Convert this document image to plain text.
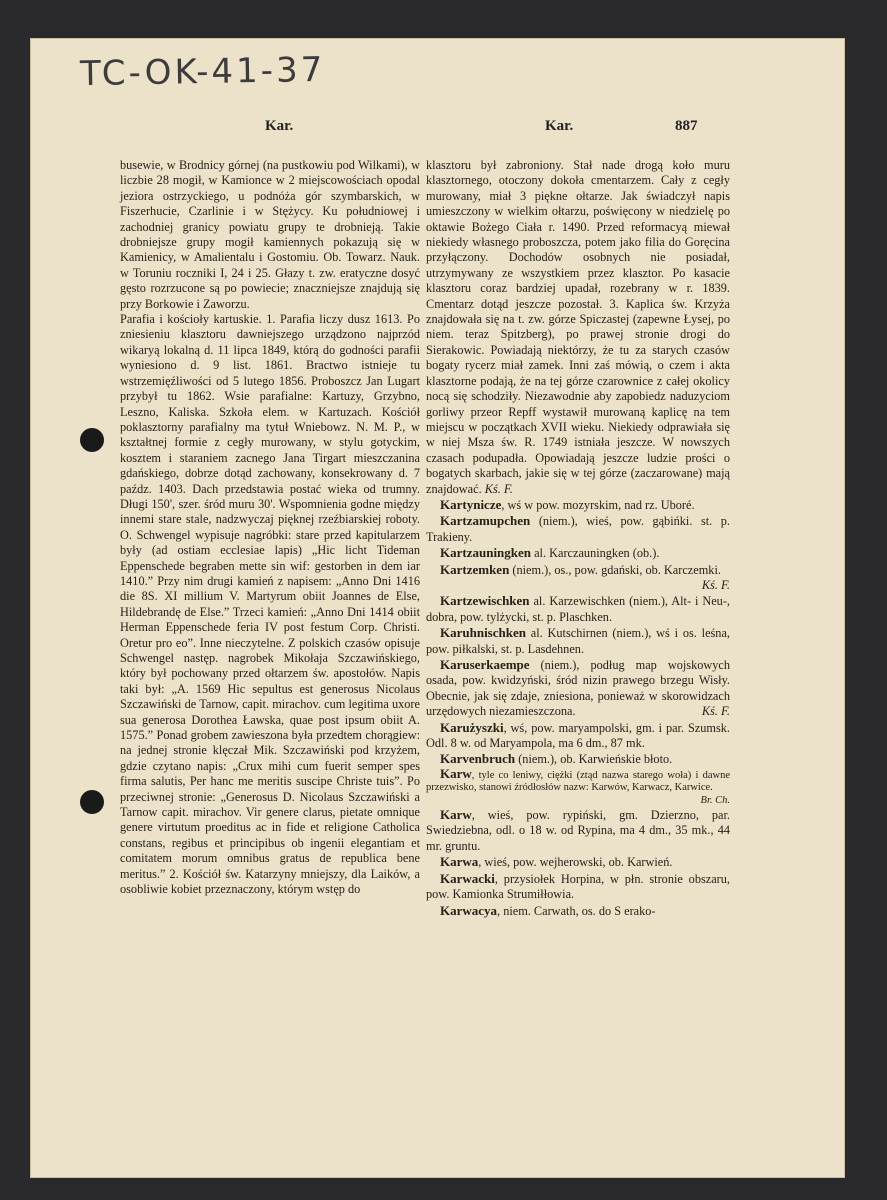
TC-OK-41-37
Kar.	Kar.	887

busewie, w Brodnicy górnej (na pustkowiu pod Wilkami), w liczbie 28 mogił, w Kamionce w 2 miejscowościach opodal jeziora ostrzyckiego, u podnóża gór szymbarskich, w Fiszerhucie, Czarlinie i w Stężycy. Ku południowej i zachodniej granicy powiatu grupy te drobnieją. Takie drobniejsze grupy mogił kamiennych pokazują się w Kamienicy, w Amalientalu i Gostomiu. Ob. Towarz. Nauk. w Toruniu roczniki I, 24 i 25. Głazy t. zw. eratyczne dosyć gęsto rozrzucone są po powiecie; znaczniejsze znajdują się przy Borkowie i Zaworzu.

Parafia i kościoły kartuskie. 1. Parafia liczy dusz 1613. Po zniesieniu klasztoru dawniejszego urządzono najprzód wikaryą lokalną d. 11 lipca 1849, którą do godności parafii wyniesiono d. 9 list. 1861. Bractwo istnieje tu wstrzemięźliwości od 5 lutego 1856. Proboszcz Jan Lugart przybył tu 1862. Wsie parafialne: Kartuzy, Grzybno, Leszno, Kaliska. Szkoła elem. w Kartuzach. Kościół poklasztorny parafialny ma tytuł Wniebowz. N. M. P., w kształtnej formie z cegły murowany, w stylu gotyckim, kosztem i staraniem zacnego Jana Tirgart mieszczanina gdańskiego, dobrze dotąd zachowany, konsekrowany d. 7 paźdz. 1403. Dach przedstawia postać wieka od trumny. Długi 150', szer. śród muru 30'. Wspomnienia godne między innemi stare stale, nadzwyczaj pięknej rzeźbiarskiej roboty. O. Schwengel wypisuje nagróbki: stare przed kapitularzem były (ad ostiam ecclesiae lapis) „Hic licht Tideman Eppenschede begraben mette sin wif: gestorben in dem iar 1410.” Przy nim drugi kamień z napisem: „Anno Dni 1416 die 8S. XI millium V. Martyrum obiit Joannes de Else, Hildebrandę de Else.” Trzeci kamień: „Anno Dni 1414 obiit Herman Eppenschede feria IV post festum Corp. Christi. Oretur pro eo”. Inne nieczytelne. Z polskich czasów opisuje Schwengel następ. nagrobek Mikołaja Szczawińskiego, który był pochowany przed ołtarzem św. apostołów. Napis taki był: „A. 1569 Hic sepultus est generosus Nicolaus Szczawiński de Tarnow, capit. mirachov. cum legitima uxore sua generosa Dorothea Ławska, quae post ipsum obiit A. 1575.” Ponad grobem zawieszona była przedtem chorągiew: na jednej stronie klęczał Mik. Szczawiński pod krzyżem, gdzie czytano napis: „Crux mihi cum fuerit semper spes firma salutis, Per hanc me meritis suscipe Christe tuis”. Po przeciwnej stronie: „Generosus D. Nicolaus Szczawiński a Tarnow capit. mirachov. Vir genere clarus, pietate omnique genere virtutum proeditus ac in fide et religione Catholica constans, regibus et principibus ob ingenii elegantiam et comitatem morum omnibus gratus de republica bene meritus.” 2. Kościół św. Katarzyny mniejszy, dla Laików, a osobliwie kobiet przeznaczony, którym wstęp do

klasztoru był zabroniony. Stał nade drogą koło muru klasztornego, otoczony dokoła cmentarzem. Cały z cegły murowany, miał 3 piękne ołtarze. Jak świadczył napis umieszczony w wielkim ołtarzu, poświęcony w niedzielę po oktawie Bożego Ciała r. 1490. Przed reformacyą miewał niekiedy własnego proboszcza, potem jako filia do Goręcina przyłączony. Dochodów osobnych nie posiadał, utrzymywany ze wszystkiem przez klasztor. Po kasacie klasztoru coraz bardziej upadał, rozebrany w r. 1839. Cmentarz dotąd jeszcze pozostał. 3. Kaplica św. Krzyża znajdowała się na t. zw. górze Spiczastej (zapewne Łysej, po niem. teraz Spitzberg), po prawej stronie drogi do Sierakowic. Powiadają niektórzy, że tu za starych czasów bogaty rycerz miał zamek. Inni zaś mówią, o czem i akta klasztorne podają, że na tej górze czarownice z całej okolicy nocą się schodziły. Niezawodnie aby zapobiedz naduzyciom gorliwy przeor Repff wystawił murowaną kaplicę na tem miejscu w początkach XVII wieku. Niekiedy odprawiała się w niej Msza św. R. 1749 istniała jeszcze. W nowszych czasach podupadła. Opowiadają jeszcze ludzie prości o bogatych skarbach, jakie się w tej górze (zaczarowane) mają znajdować. Kś. F.

Kartynicze, wś w pow. mozyrskim, nad rz. Uboré.

Kartzamupchen (niem.), wieś, pow. gąbińki. st. p. Trakieny.

Kartzauningken al. Karczauningken (ob.).

Kartzemken (niem.), os., pow. gdański, ob. Karczemki.
Kś. F.

Kartzewischken al. Karzewischken (niem.), Alt- i Neu-, dobra, pow. tylżycki, st. p. Plaschken.

Karuhnischken al. Kutschirnen (niem.), wś i os. leśna, pow. piłkalski, st. p. Lasdehnen.

Karuserkaempe (niem.), podług map wojskowych osada, pow. kwidzyński, śród nizin prawego brzegu Wisły. Obecnie, jak się zdaje, zniesiona, ponieważ w skorowidzach urzędowych niezamieszczona.	Kś. F.

Karużyszki, wś, pow. maryampolski, gm. i par. Szumsk. Odl. 8 w. od Maryampola, ma 6 dm., 87 mk.

Karvenbruch (niem.), ob. Karwieńskie błoto.

Karw, tyle co leniwy, ciężki (ztąd nazwa starego woła) i dawne przezwisko, stanowi źródłosłów nazw: Karwów, Karwacz, Karwice.
Br. Ch.

Karw, wieś, pow. rypiński, gm. Dzierzno, par. Swiedziebna, odl. o 18 w. od Rypina, ma 4 dm., 35 mk., 44 mr. gruntu.

Karwa, wieś, pow. wejherowski, ob. Karwień.

Karwacki, przysiołek Horpina, w płn. stronie obszaru, pow. Kamionka Strumiłłowia.

Karwacya, niem. Carwath, os. do S erako-
